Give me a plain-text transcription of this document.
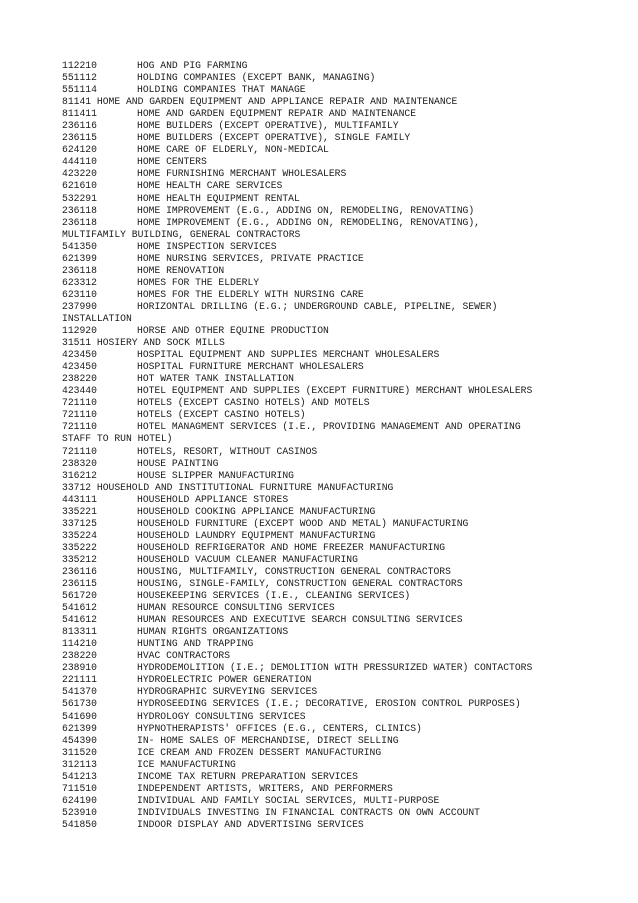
112210	HOG AND PIG FARMING
551112	HOLDING COMPANIES (EXCEPT BANK, MANAGING)
551114	HOLDING COMPANIES THAT MANAGE
81141 HOME AND GARDEN EQUIPMENT AND APPLIANCE REPAIR AND MAINTENANCE
811411	HOME AND GARDEN EQUIPMENT REPAIR AND MAINTENANCE
236116	HOME BUILDERS (EXCEPT OPERATIVE), MULTIFAMILY
236115	HOME BUILDERS (EXCEPT OPERATIVE), SINGLE FAMILY
624120	HOME CARE OF ELDERLY, NON-MEDICAL
444110	HOME CENTERS
423220	HOME FURNISHING MERCHANT WHOLESALERS
621610	HOME HEALTH CARE SERVICES
532291	HOME HEALTH EQUIPMENT RENTAL
236118	HOME IMPROVEMENT (E.G., ADDING ON, REMODELING, RENOVATING)
236118	HOME IMPROVEMENT (E.G., ADDING ON, REMODELING, RENOVATING),
MULTIFAMILY BUILDING, GENERAL CONTRACTORS
541350	HOME INSPECTION SERVICES
621399	HOME NURSING SERVICES, PRIVATE PRACTICE
236118	HOME RENOVATION
623312	HOMES FOR THE ELDERLY
623110	HOMES FOR THE ELDERLY WITH NURSING CARE
237990	HORIZONTAL DRILLING (E.G.; UNDERGROUND CABLE, PIPELINE, SEWER)
INSTALLATION
112920	HORSE AND OTHER EQUINE PRODUCTION
31511 HOSIERY AND SOCK MILLS
423450	HOSPITAL EQUIPMENT AND SUPPLIES MERCHANT WHOLESALERS
423450	HOSPITAL FURNITURE MERCHANT WHOLESALERS
238220	HOT WATER TANK INSTALLATION
423440	HOTEL EQUIPMENT AND SUPPLIES (EXCEPT FURNITURE) MERCHANT WHOLESALERS
721110	HOTELS (EXCEPT CASINO HOTELS) AND MOTELS
721110	HOTELS (EXCEPT CASINO HOTELS)
721110	HOTEL MANAGMENT SERVICES (I.E., PROVIDING MANAGEMENT AND OPERATING
STAFF TO RUN HOTEL)
721110	HOTELS, RESORT, WITHOUT CASINOS
238320	HOUSE PAINTING
316212	HOUSE SLIPPER MANUFACTURING
33712 HOUSEHOLD AND INSTITUTIONAL FURNITURE MANUFACTURING
443111	HOUSEHOLD APPLIANCE STORES
335221	HOUSEHOLD COOKING APPLIANCE MANUFACTURING
337125	HOUSEHOLD FURNITURE (EXCEPT WOOD AND METAL) MANUFACTURING
335224	HOUSEHOLD LAUNDRY EQUIPMENT MANUFACTURING
335222	HOUSEHOLD REFRIGERATOR AND HOME FREEZER MANUFACTURING
335212	HOUSEHOLD VACUUM CLEANER MANUFACTURING
236116	HOUSING, MULTIFAMILY, CONSTRUCTION GENERAL CONTRACTORS
236115	HOUSING, SINGLE-FAMILY, CONSTRUCTION GENERAL CONTRACTORS
561720	HOUSEKEEPING SERVICES (I.E., CLEANING SERVICES)
541612	HUMAN RESOURCE CONSULTING SERVICES
541612	HUMAN RESOURCES AND EXECUTIVE SEARCH CONSULTING SERVICES
813311	HUMAN RIGHTS ORGANIZATIONS
114210	HUNTING AND TRAPPING
238220	HVAC CONTRACTORS
238910	HYDRODEMOLITION (I.E.; DEMOLITION WITH PRESSURIZED WATER) CONTACTORS
221111	HYDROELECTRIC POWER GENERATION
541370	HYDROGRAPHIC SURVEYING SERVICES
561730	HYDROSEEDING SERVICES (I.E.; DECORATIVE, EROSION CONTROL PURPOSES)
541690	HYDROLOGY CONSULTING SERVICES
621399	HYPNOTHERAPISTS' OFFICES (E.G., CENTERS, CLINICS)
454390	IN- HOME SALES OF MERCHANDISE, DIRECT SELLING
311520	ICE CREAM AND FROZEN DESSERT MANUFACTURING
312113	ICE MANUFACTURING
541213	INCOME TAX RETURN PREPARATION SERVICES
711510	INDEPENDENT ARTISTS, WRITERS, AND PERFORMERS
624190	INDIVIDUAL AND FAMILY SOCIAL SERVICES, MULTI-PURPOSE
523910	INDIVIDUALS INVESTING IN FINANCIAL CONTRACTS ON OWN ACCOUNT
541850	INDOOR DISPLAY AND ADVERTISING SERVICES
